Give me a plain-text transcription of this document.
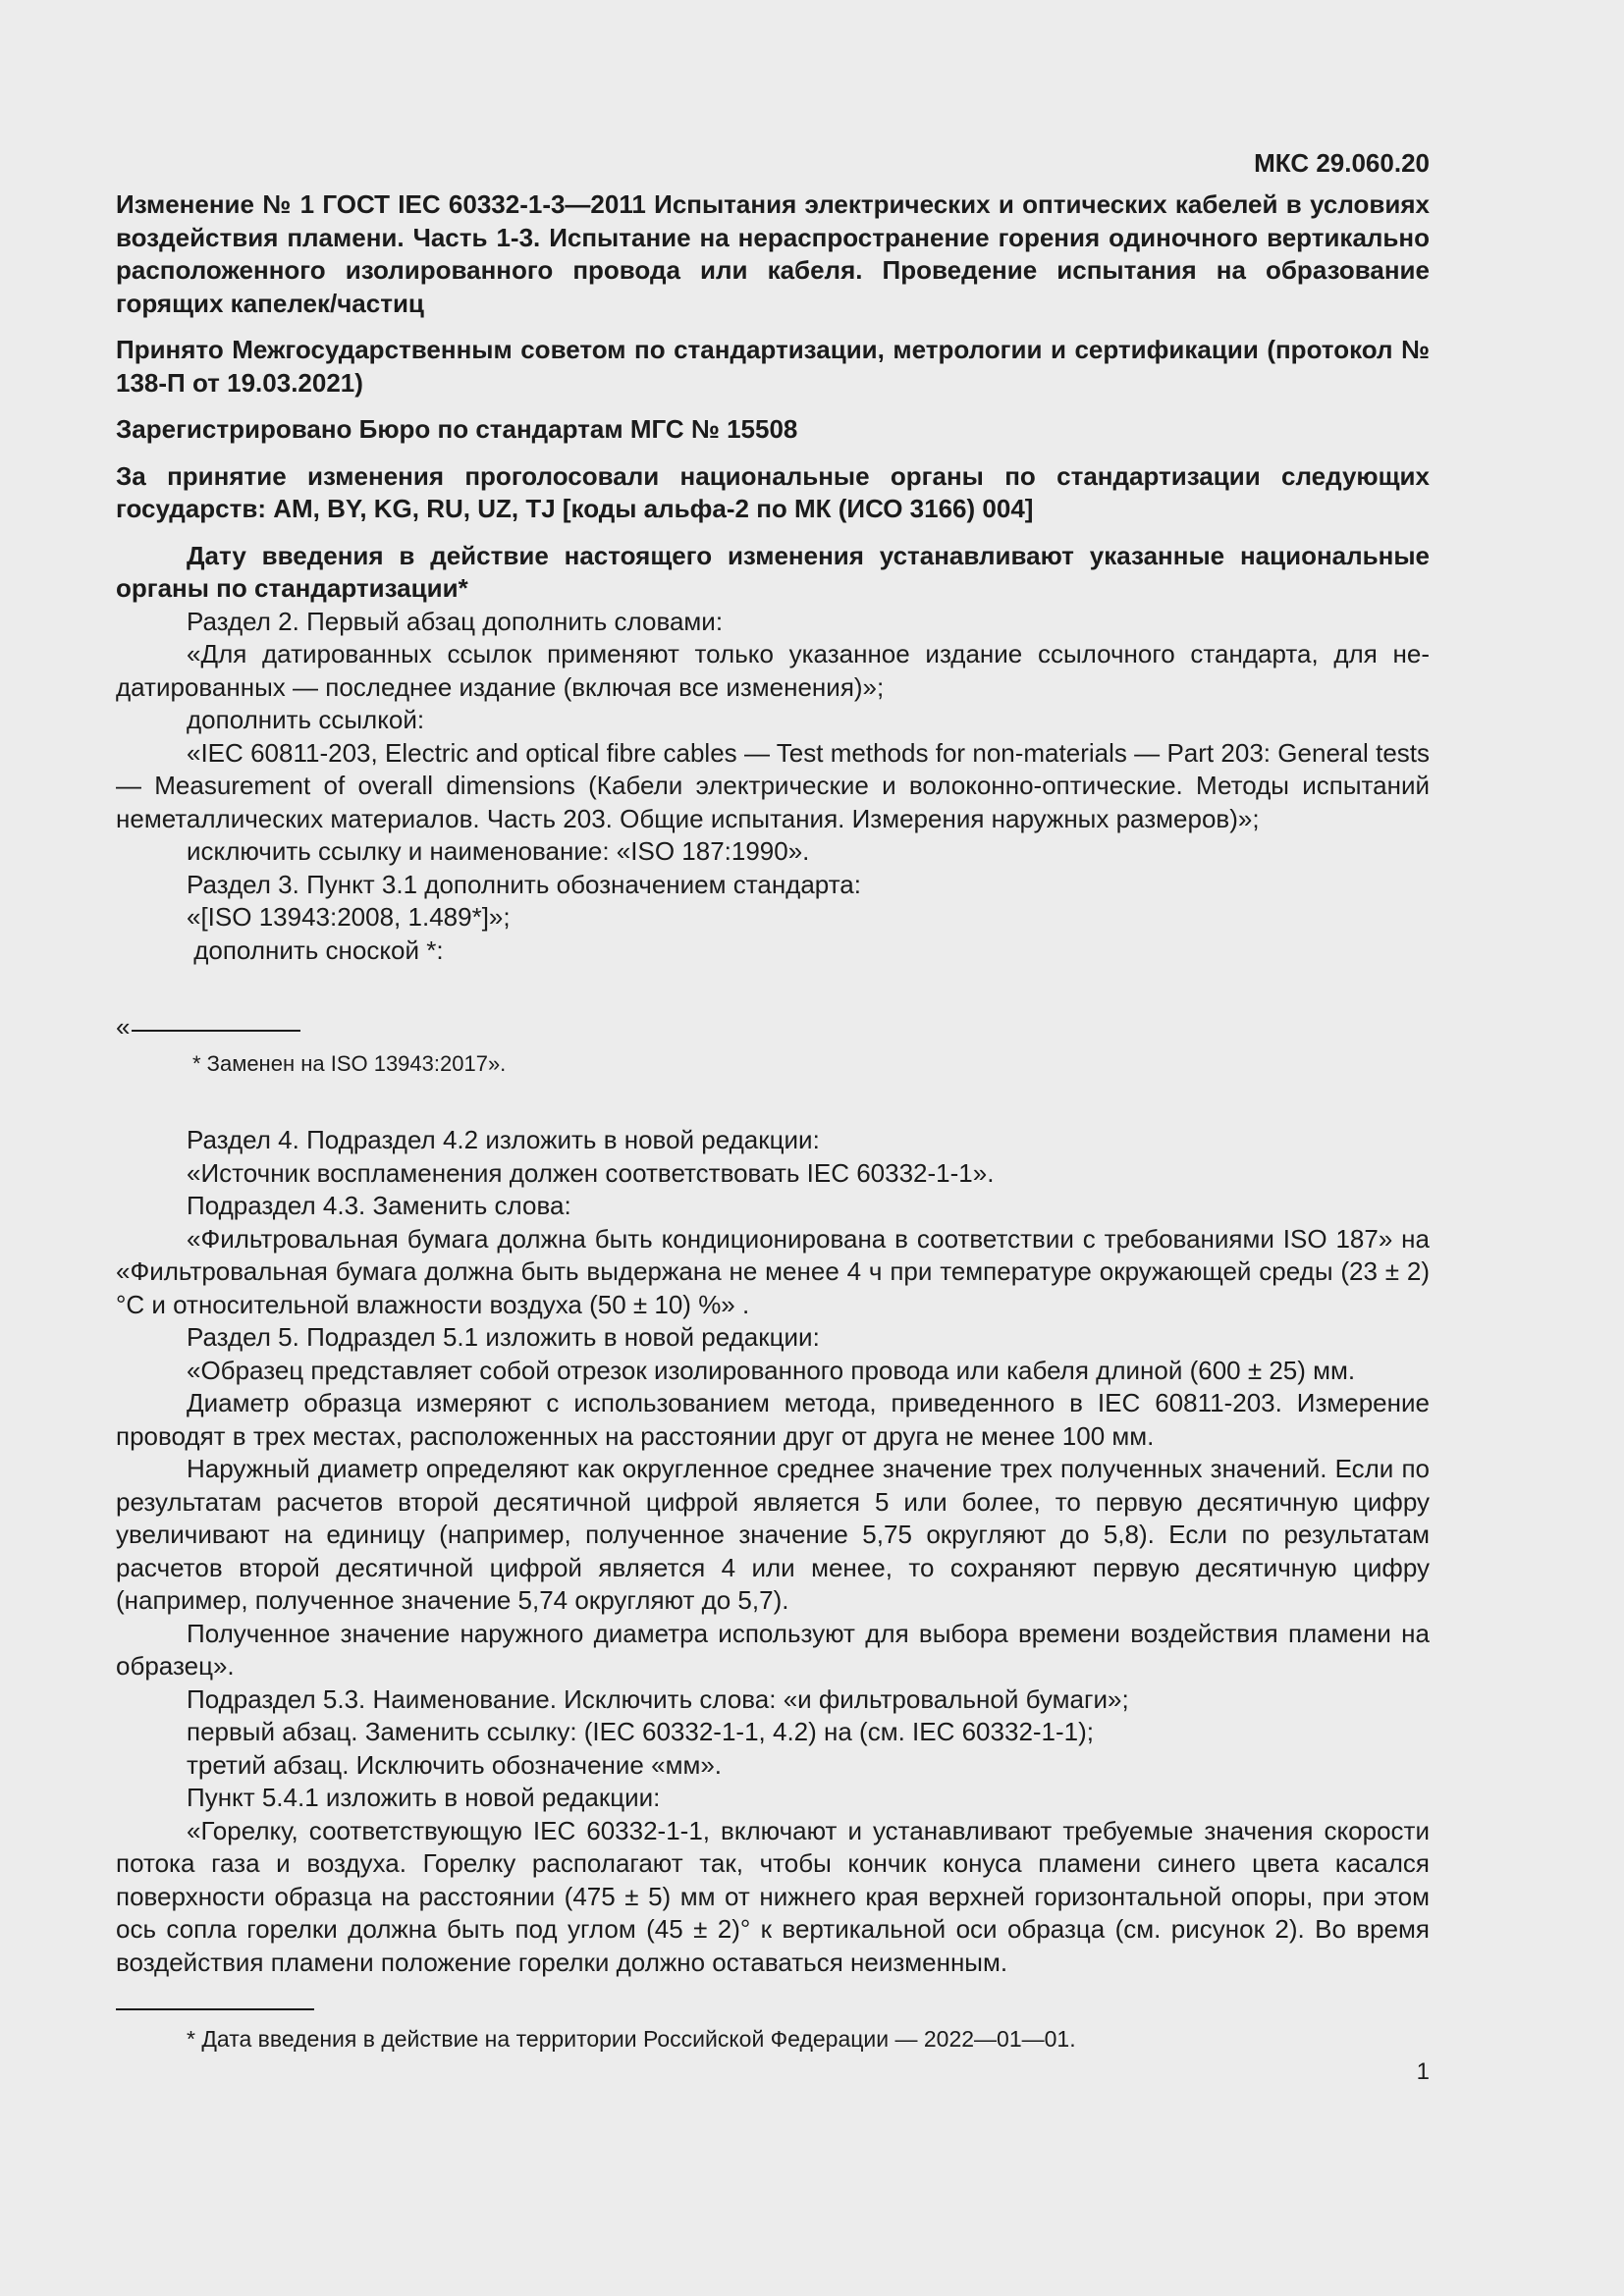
МКС 29.060.20
Изменение № 1 ГОСТ IEC 60332-1-3—2011 Испытания электрических и оптических кабелей в условиях воздействия пламени. Часть 1-3. Испытание на нераспространение горения одиночного вертикально расположенного изолированного провода или кабеля. Проведение испытания на образование горящих капелек/частиц
Принято Межгосударственным советом по стандартизации, метрологии и сертификации (протокол № 138-П от 19.03.2021)
Зарегистрировано Бюро по стандартам МГС № 15508
За принятие изменения проголосовали национальные органы по стандартизации следующих государств: AM, BY, KG, RU, UZ, TJ [коды альфа-2 по МК (ИСО 3166) 004]
Дату введения в действие настоящего изменения устанавливают указанные национальные органы по стандартизации*

Раздел 2. Первый абзац дополнить словами:

«Для датированных ссылок применяют только указанное издание ссылочного стандарта, для недатированных — последнее издание (включая все изменения)»;

дополнить ссылкой:

«IEC 60811-203, Electric and optical fibre cables — Test methods for non-materials — Part 203: General tests — Measurement of overall dimensions (Кабели электрические и волоконно-оптические. Методы испытаний неметаллических материалов. Часть 203. Общие испытания. Измерения наружных размеров)»;

исключить ссылку и наименование: «ISO 187:1990».

Раздел 3. Пункт 3.1 дополнить обозначением стандарта:

«[ISO 13943:2008, 1.489*]»;

дополнить сноской *:

«

* Заменен на ISO 13943:2017».

Раздел 4. Подраздел 4.2 изложить в новой редакции:

«Источник воспламенения должен соответствовать IEC 60332-1-1».

Подраздел 4.3. Заменить слова:

«Фильтровальная бумага должна быть кондиционирована в соответствии с требованиями ISO 187» на «Фильтровальная бумага должна быть выдержана не менее 4 ч при температуре окружающей среды (23 ± 2) °С и относительной влажности воздуха (50 ± 10) %» .

Раздел 5. Подраздел 5.1 изложить в новой редакции:

«Образец представляет собой отрезок изолированного провода или кабеля длиной (600 ± 25) мм.

Диаметр образца измеряют с использованием метода, приведенного в IEC 60811-203. Измерение проводят в трех местах, расположенных на расстоянии друг от друга не менее 100 мм.

Наружный диаметр определяют как округленное среднее значение трех полученных значений. Если по результатам расчетов второй десятичной цифрой является 5 или более, то первую десятичную цифру увеличивают на единицу (например, полученное значение 5,75 округляют до 5,8). Если по результатам расчетов второй десятичной цифрой является 4 или менее, то сохраняют первую десятичную цифру (например, полученное значение 5,74 округляют до 5,7).

Полученное значение наружного диаметра используют для выбора времени воздействия пламени на образец».

Подраздел 5.3. Наименование. Исключить слова: «и фильтровальной бумаги»;

первый абзац. Заменить ссылку: (IEC 60332-1-1, 4.2) на (см. IEC 60332-1-1);

третий абзац. Исключить обозначение «мм».

Пункт 5.4.1 изложить в новой редакции:

«Горелку, соответствующую IEC 60332-1-1, включают и устанавливают требуемые значения скорости потока газа и воздуха. Горелку располагают так, чтобы кончик конуса пламени синего цвета касался поверхности образца на расстоянии (475 ± 5) мм от нижнего края верхней горизонтальной опоры, при этом ось сопла горелки должна быть под углом (45 ± 2)° к вертикальной оси образца (см. рисунок 2). Во время воздействия пламени положение горелки должно оставаться неизменным.

* Дата введения в действие на территории Российской Федерации — 2022—01—01.

1
